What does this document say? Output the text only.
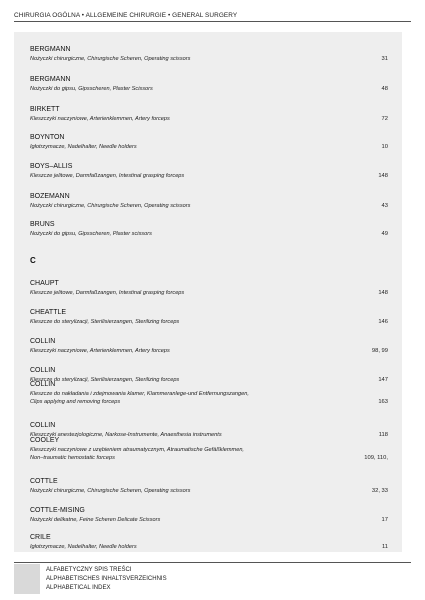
CHIRURGIA OGÓLNA • ALLGEMEINE CHIRURGIE • GENERAL SURGERY
BERGMANN
Nożyczki chirurgiczne, Chirurgische Scheren, Operating scissors	31
BERGMANN
Nożyczki do gipsu, Gipsscheren, Plaster Scissors	48
BIRKETT
Kleszczyki naczyniowe, Arterienklemmen, Artery forceps	72
BOYNTON
Igłotrzymacze, Nadelhalter, Needle holders	10
BOYS–ALLIS
Kleszcze jelitowe, Darmfaßzangen, Intestinal grasping forceps	148
BOZEMANN
Nożyczki chirurgiczne, Chirurgische Scheren, Operating scissors	43
BRUNS
Nożyczki do gipsu, Gipsscheren, Plaster scissors	49
CHAUPT
Kleszcze jelitowe, Darmfaßzangen, Intestinal grasping forceps	148
CHEATTLE
Kleszcze do sterylizacji, Sterilisierzangen, Sterilizing forceps	146
COLLIN
Kleszczyki naczyniowe, Arterienklemmen, Artery forceps	98, 99
COLLIN
Kleszcze do sterylizacji, Sterilisierzangen, Sterilizing forceps	147
COLLIN
Kleszcze do nakładania i zdejmowania klamer, Klammeranlege-und Entfernungszangen,
Clips applying and removing forceps	163
COLLIN
Kleszczyki anestezjologiczne, Narkose-Instrumente, Anaesthesia instruments	118
COOLEY
Kleszczyki naczyniowe z uzębieniem atraumatycznym, Atraumatische Gefäßklemmen,
Non–traumatic hemostatic forceps	109, 110,
COTTLE
Nożyczki chirurgiczne, Chirurgische Scheren, Operating scissors	32, 33
COTTLE-MISING
Nożyczki delikatne, Feine Scheren Delicate Scissors	17
CRILE
Igłotrzymacze, Nadelhalter, Needle holders	11
C
ALFABETYCZNY SPIS TREŚCI
ALPHABETISCHES INHALTSVERZEICHNIS
ALPHABETICAL INDEX
